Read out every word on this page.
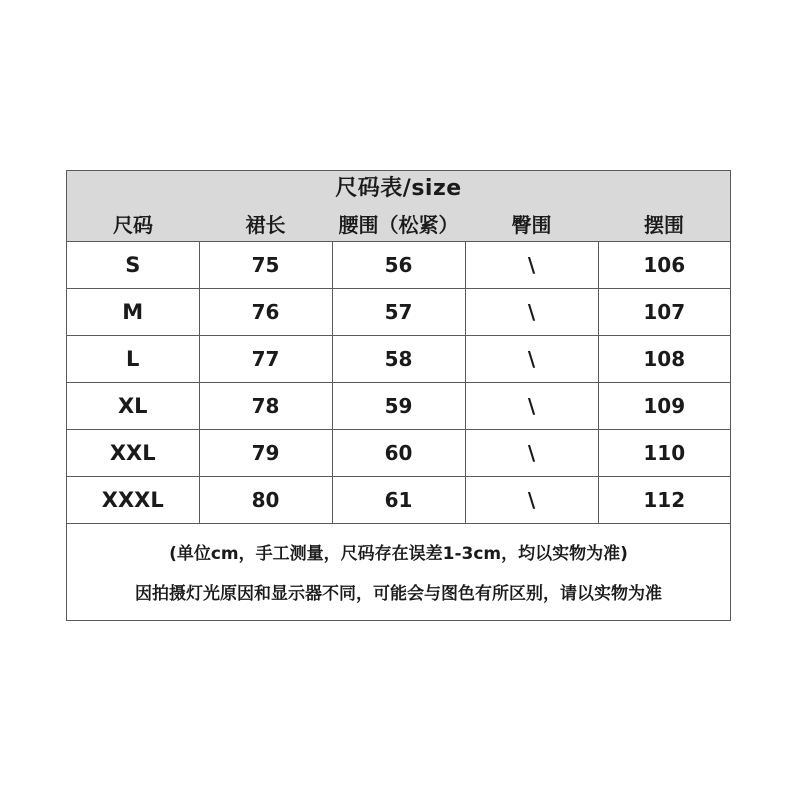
尺码表/size
尺码	裙长	腰围（松紧）	臀围	摆围
S	75	56	\	106
M	76	57	\	107
L	77	58	\	108
XL	78	59	\	109
XXL	79	60	\	110
XXXL	80	61	\	112
(单位cm，手工测量，尺码存在误差1-3cm，均以实物为准)
因拍摄灯光原因和显示器不同，可能会与图色有所区别，请以实物为准
